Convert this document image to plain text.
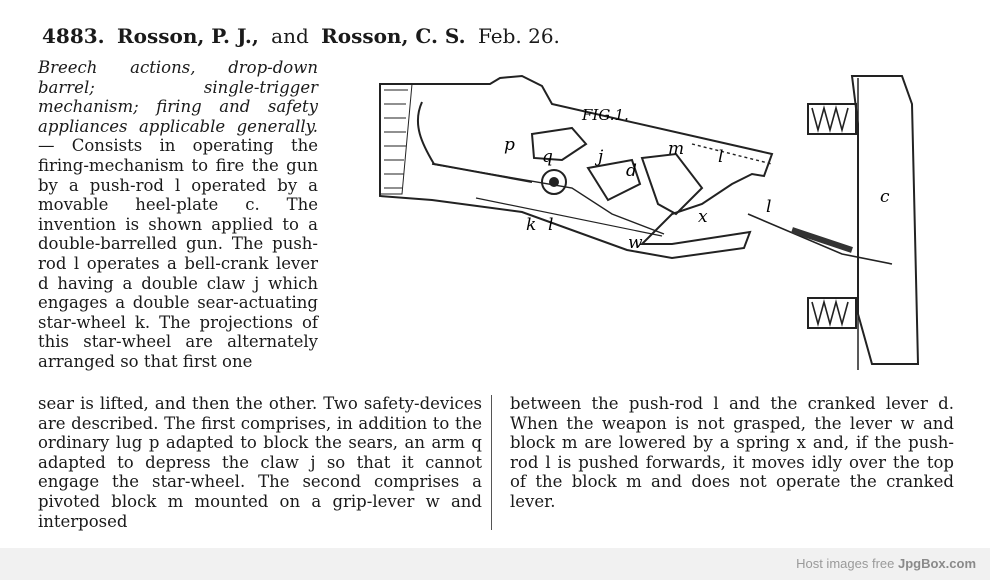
4883. Rosson, P. J., and Rosson, C. S. Feb. 26.

Breech actions, drop-down barrel; single-trigger mechanism; firing and safety appliances applicable generally.— Consists in operating the firing-mechanism to fire the gun by a push-rod l operated by a movable heel-plate c. The invention is shown applied to a double-barrelled gun. The push-rod l operates a bell-crank lever d having a double claw j which engages a double sear-actuating star-wheel k. The projections of this star-wheel are alternately arranged so that first one

sear is lifted, and then the other. Two safety-devices are described. The first comprises, in addition to the ordinary lug p adapted to block the sears, an arm q adapted to depress the claw j so that it cannot engage the star-wheel. The second comprises a pivoted block m mounted on a grip-lever w and interposed
between the push-rod l and the cranked lever d. When the weapon is not grasped, the lever w and block m are lowered by a spring x and, if the push-rod l is pushed forwards, it moves idly over the top of the block m and does not operate the cranked lever.
FIG.1.
p
q	j
d
m l
x
k l
w
l	c
Host images free JpgBox.com
